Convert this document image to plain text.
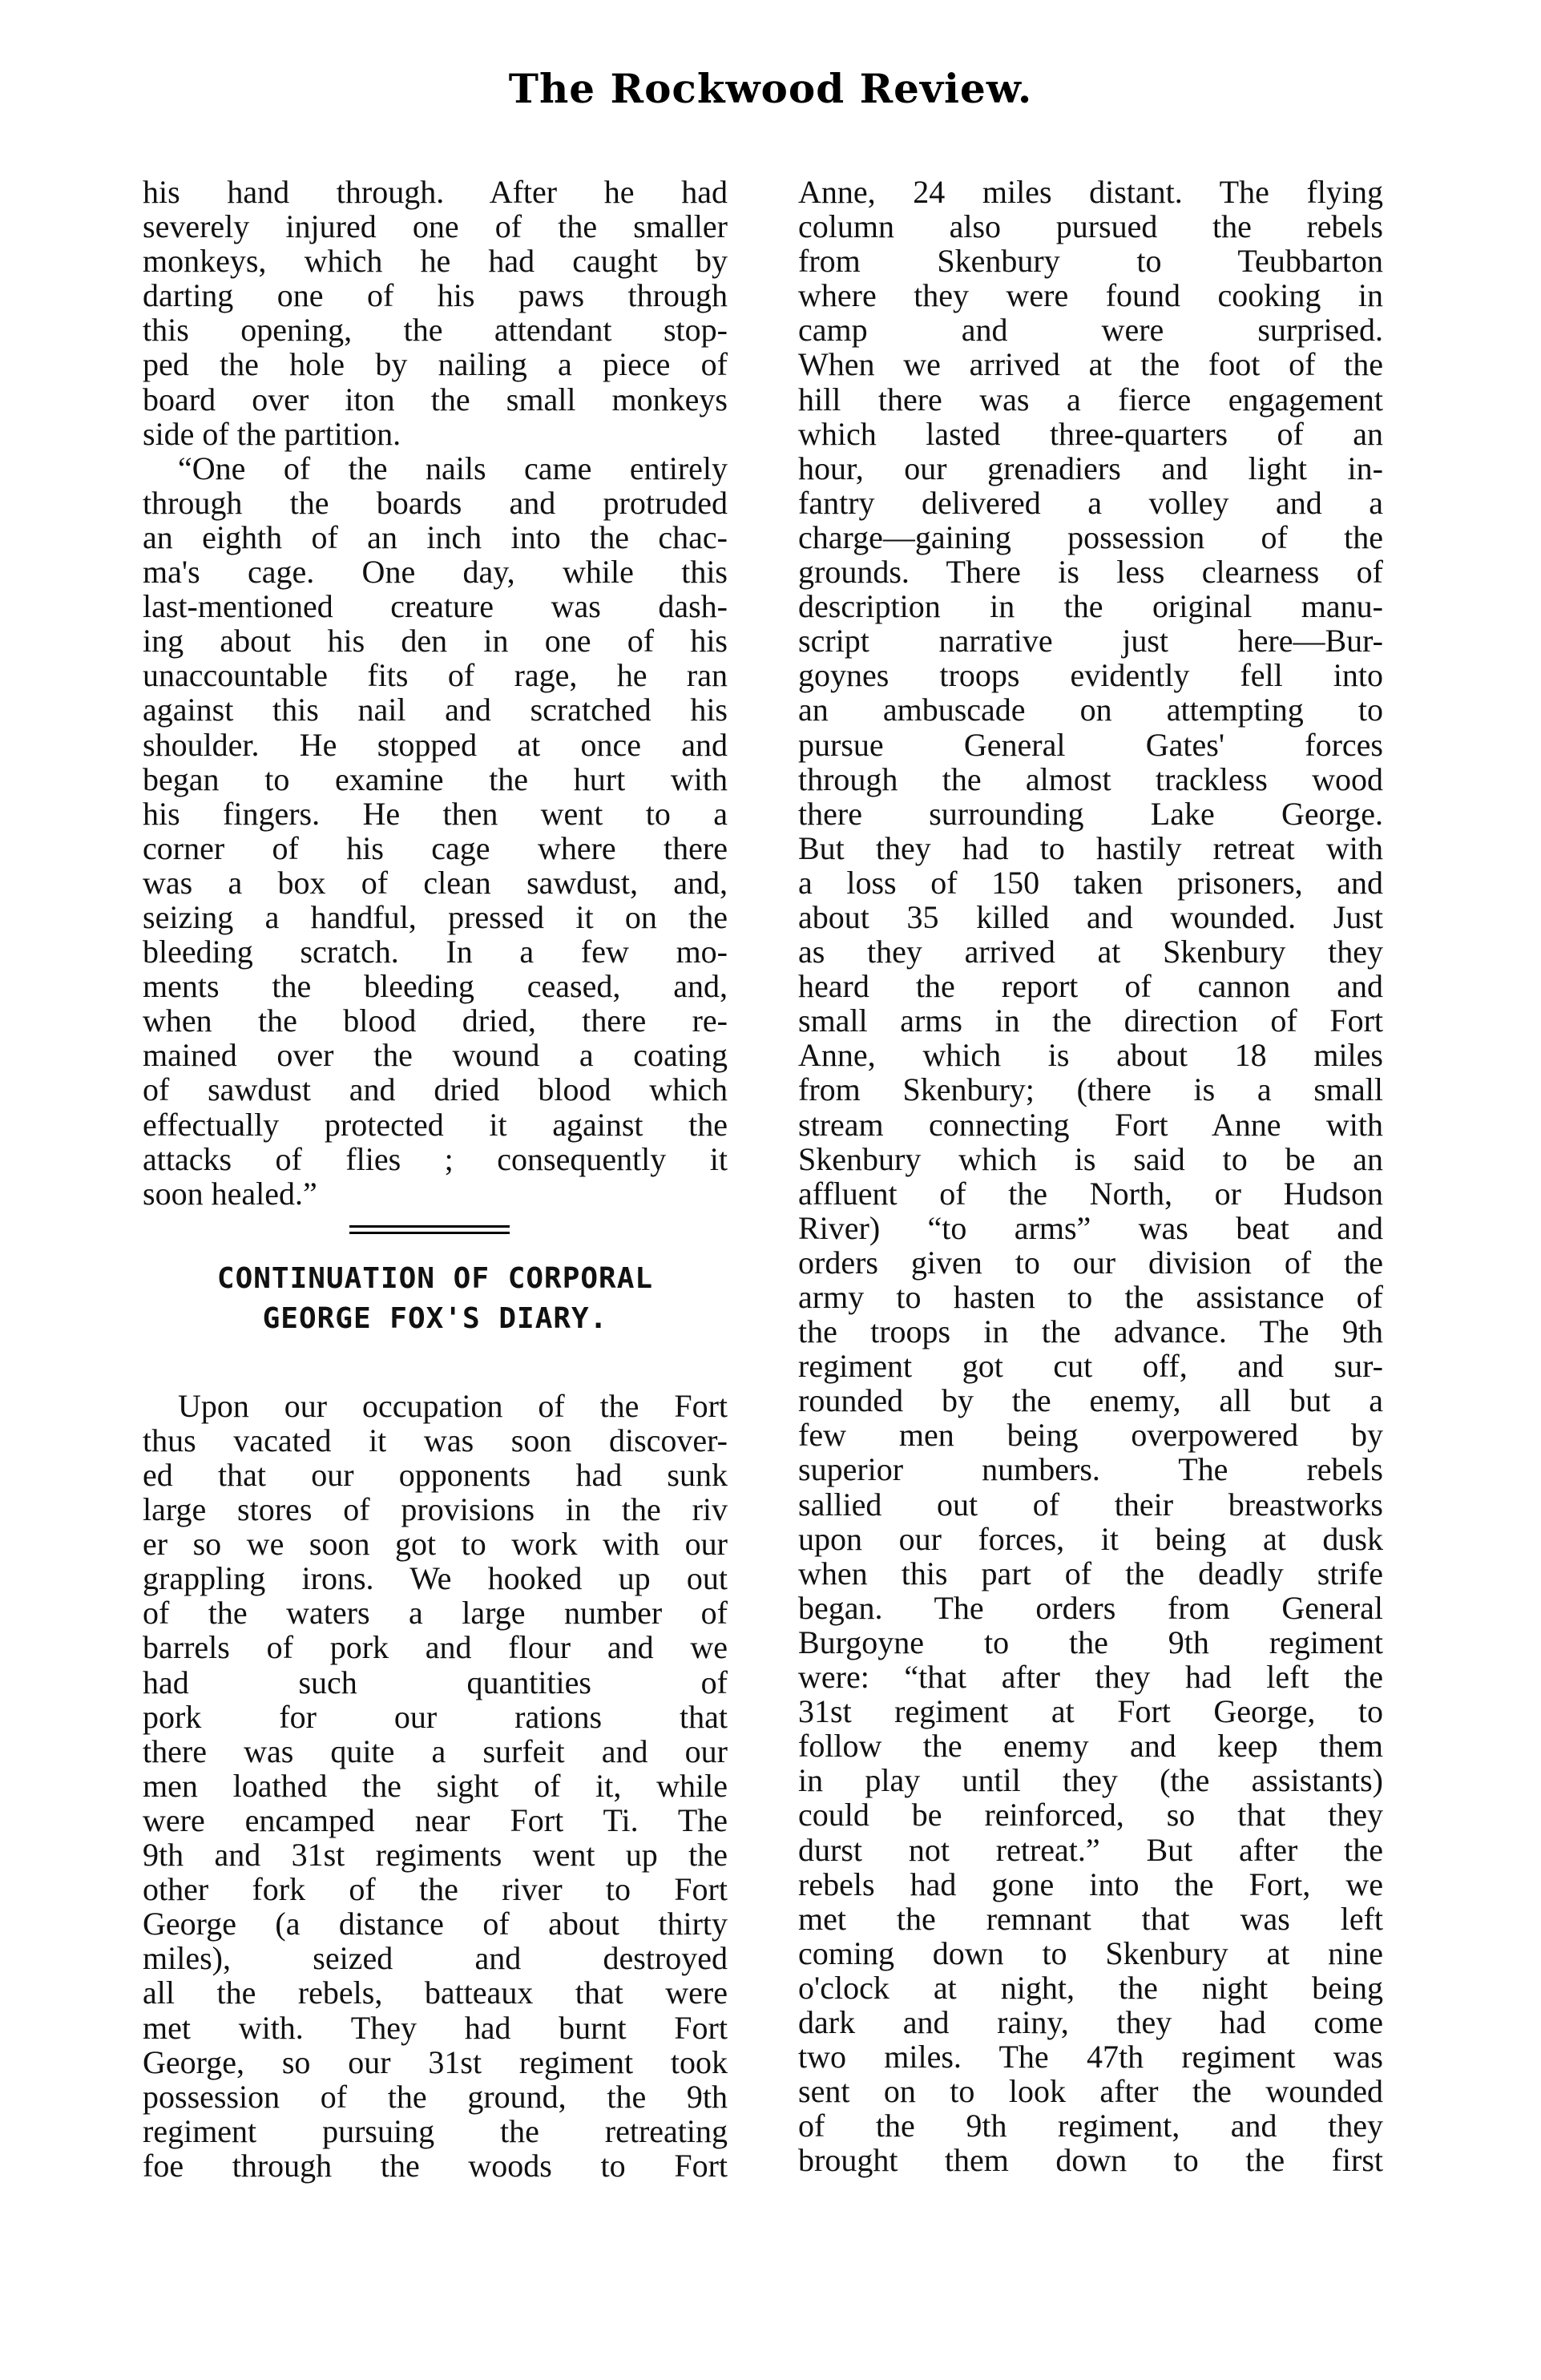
The Rockwood Review.
his hand through. After he had
severely injured one of the smaller
monkeys, which he had caught by
darting one of his paws through
this opening, the attendant stop-
ped the hole by nailing a piece of
board over iton the small monkeys
side of the partition.
“One of the nails came entirely
through the boards and protruded
an eighth of an inch into the chac-
ma's cage. One day, while this
last-mentioned creature was dash-
ing about his den in one of his
unaccountable fits of rage, he ran
against this nail and scratched his
shoulder. He stopped at once and
began to examine the hurt with
his fingers. He then went to a
corner of his cage where there
was a box of clean sawdust, and,
seizing a handful, pressed it on the
bleeding scratch. In a few mo-
ments the bleeding ceased, and,
when the blood dried, there re-
mained over the wound a coating
of sawdust and dried blood which
effectually protected it against the
attacks of flies ; consequently it
soon healed.”
CONTINUATION OF CORPORAL
GEORGE FOX'S DIARY.
Upon our occupation of the Fort
thus vacated it was soon discover-
ed that our opponents had sunk
large stores of provisions in the riv
er so we soon got to work with our
grappling irons. We hooked up out
of the waters a large number of
barrels of pork and flour and we
had such quantities of
pork for our rations that
there was quite a surfeit and our
men loathed the sight of it, while
were encamped near Fort Ti. The
9th and 31st regiments went up the
other fork of the river to Fort
George (a distance of about thirty
miles), seized and destroyed
all the rebels, batteaux that were
met with. They had burnt Fort
George, so our 31st regiment took
possession of the ground, the 9th
regiment pursuing the retreating
foe through the woods to Fort
Anne, 24 miles distant. The flying
column also pursued the rebels
from Skenbury to Teubbarton
where they were found cooking in
camp and were surprised.
When we arrived at the foot of the
hill there was a fierce engagement
which lasted three-quarters of an
hour, our grenadiers and light in-
fantry delivered a volley and a
charge—gaining possession of the
grounds. There is less clearness of
description in the original manu-
script narrative just here—Bur-
goynes troops evidently fell into
an ambuscade on attempting to
pursue General Gates' forces
through the almost trackless wood
there surrounding Lake George.
But they had to hastily retreat with
a loss of 150 taken prisoners, and
about 35 killed and wounded. Just
as they arrived at Skenbury they
heard the report of cannon and
small arms in the direction of Fort
Anne, which is about 18 miles
from Skenbury; (there is a small
stream connecting Fort Anne with
Skenbury which is said to be an
affluent of the North, or Hudson
River) “to arms” was beat and
orders given to our division of the
army to hasten to the assistance of
the troops in the advance. The 9th
regiment got cut off, and sur-
rounded by the enemy, all but a
few men being overpowered by
superior numbers. The rebels
sallied out of their breastworks
upon our forces, it being at dusk
when this part of the deadly strife
began. The orders from General
Burgoyne to the 9th regiment
were: “that after they had left the
31st regiment at Fort George, to
follow the enemy and keep them
in play until they (the assistants)
could be reinforced, so that they
durst not retreat.” But after the
rebels had gone into the Fort, we
met the remnant that was left
coming down to Skenbury at nine
o'clock at night, the night being
dark and rainy, they had come
two miles. The 47th regiment was
sent on to look after the wounded
of the 9th regiment, and they
brought them down to the first
